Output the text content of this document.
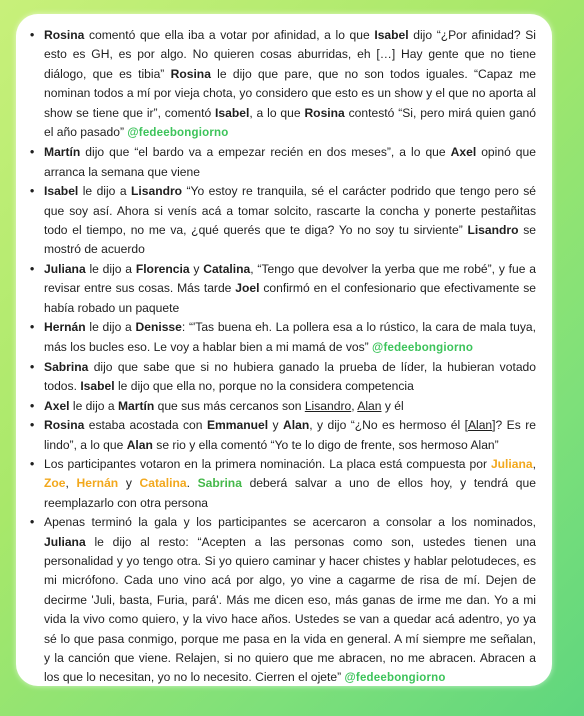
• Rosina comentó que ella iba a votar por afinidad, a lo que Isabel dijo “¿Por afinidad? Si esto es GH, es por algo. No quieren cosas aburridas, eh […] Hay gente que no tiene diálogo, que es tibia” Rosina le dijo que pare, que no son todos iguales. “Capaz me nominan todos a mí por vieja chota, yo considero que esto es un show y el que no aporta al show se tiene que ir”, comentó Isabel, a lo que Rosina contestó “Si, pero mirá quien ganó el año pasado” @fedeebongiorno
• Martín dijo que “el bardo va a empezar recién en dos meses”, a lo que Axel opinó que arranca la semana que viene
• Isabel le dijo a Lisandro “Yo estoy re tranquila, sé el carácter podrido que tengo pero sé que soy así. Ahora si venís acá a tomar solcito, rascarte la concha y ponerte pestañitas todo el tiempo, no me va, ¿qué querés que te diga? Yo no soy tu sirviente” Lisandro se mostró de acuerdo
• Juliana le dijo a Florencia y Catalina, “Tengo que devolver la yerba que me robé”, y fue a revisar entre sus cosas. Más tarde Joel confirmó en el confesionario que efectivamente se había robado un paquete
• Hernán le dijo a Denisse: “'Tas buena eh. La pollera esa a lo rústico, la cara de mala tuya, más los bucles eso. Le voy a hablar bien a mi mamá de vos” @fedeebongiorno
• Sabrina dijo que sabe que si no hubiera ganado la prueba de líder, la hubieran votado todos. Isabel le dijo que ella no, porque no la considera competencia
• Axel le dijo a Martín que sus más cercanos son Lisandro, Alan y él
• Rosina estaba acostada con Emmanuel y Alan, y dijo “¿No es hermoso él [Alan]? Es re lindo”, a lo que Alan se rio y ella comentó “Yo te lo digo de frente, sos hermoso Alan”
• Los participantes votaron en la primera nominación. La placa está compuesta por Juliana, Zoe, Hernán y Catalina. Sabrina deberá salvar a uno de ellos hoy, y tendrá que reemplazarlo con otra persona
• Apenas terminó la gala y los participantes se acercaron a consolar a los nominados, Juliana le dijo al resto: “Acepten a las personas como son, ustedes tienen una personalidad y yo tengo otra. Si yo quiero caminar y hacer chistes y hablar pelotudeces, es mi micrófono. Cada uno vino acá por algo, yo vine a cagarme de risa de mí. Dejen de decirme 'Juli, basta, Furia, pará'. Más me dicen eso, más ganas de irme me dan. Yo a mi vida la vivo como quiero, y la vivo hace años. Ustedes se van a quedar acá adentro, yo ya sé lo que pasa conmigo, porque me pasa en la vida en general. A mí siempre me señalan, y la canción que viene. Relajen, si no quiero que me abracen, no me abracen. Abracen a los que lo necesitan, yo no lo necesito. Cierren el ojete” @fedeebongiorno
